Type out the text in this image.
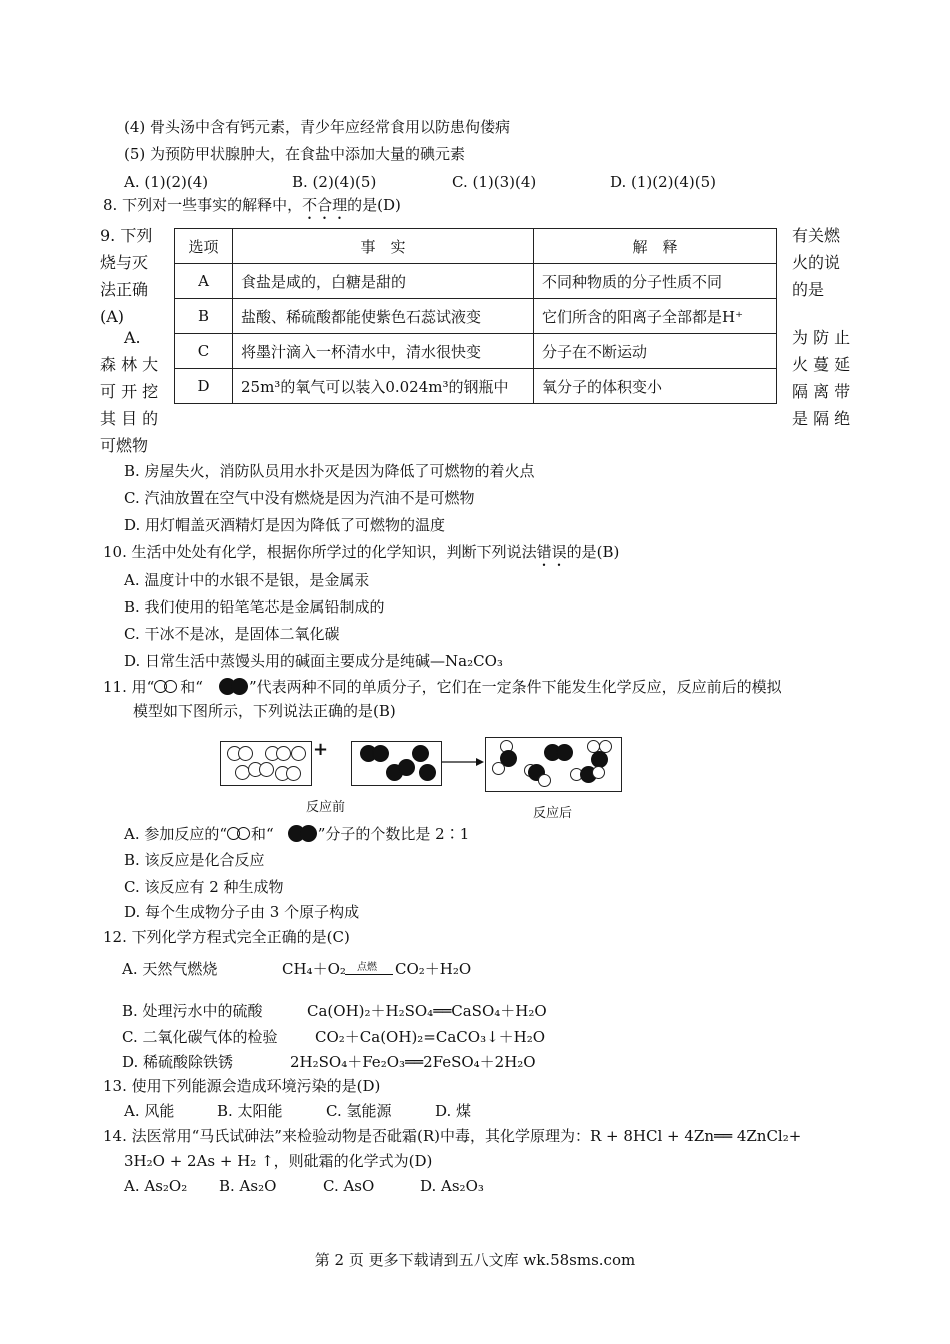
(4) 骨头汤中含有钙元素，青少年应经常食用以防患佝偻病
(5) 为预防甲状腺肿大，在食盐中添加大量的碘元素
A. (1)(2)(4)	B. (2)(4)(5)	C. (1)(3)(4)	D. (1)(2)(4)(5)
8. 下列对一些事实的解释中，不合理的是(D)
选项	事　实	解　释
A	食盐是咸的，白糖是甜的	不同种物质的分子性质不同
B	盐酸、稀硫酸都能使紫色石蕊试液变	它们所含的阳离子全部都是H⁺
C	将墨汁滴入一杯清水中，清水很快变	分子在不断运动
D	25m³的氧气可以装入0.024m³的钢瓶中	氧分子的体积变小
9. 下列
烧与灭
法正确
(A)
有关燃
火的说
的是
A.
森 林 大
可 开 挖
其 目 的
可燃物
为 防 止
火 蔓 延
隔 离 带
是 隔 绝
B. 房屋失火，消防队员用水扑灭是因为降低了可燃物的着火点
C. 汽油放置在空气中没有燃烧是因为汽油不是可燃物
D. 用灯帽盖灭酒精灯是因为降低了可燃物的温度
10. 生活中处处有化学，根据你所学过的化学知识，判断下列说法错误的是(B)
A. 温度计中的水银不是银，是金属汞
B. 我们使用的铅笔笔芯是金属铅制成的
C. 干冰不是冰，是固体二氧化碳
D. 日常生活中蒸馒头用的碱面主要成分是纯碱—Na₂CO₃
11. 用“ 和“	”代表两种不同的单质分子，它们在一定条件下能发生化学反应，反应前后的模拟
模型如下图所示，下列说法正确的是(B)
+
反应前	反应后
A. 参加反应的“ 和“	”分子的个数比是 2∶1
B. 该反应是化合反应
C. 该反应有 2 种生成物
D. 每个生成物分子由 3 个原子构成
12. 下列化学方程式完全正确的是(C)
A. 天然气燃烧	CH₄＋O₂ 点燃 CO₂＋H₂O
B. 处理污水中的硫酸	Ca(OH)₂＋H₂SO₄══CaSO₄＋H₂O
C. 二氧化碳气体的检验	CO₂＋Ca(OH)₂=CaCO₃↓＋H₂O
D. 稀硫酸除铁锈	2H₂SO₄＋Fe₂O₃══2FeSO₄＋2H₂O
13. 使用下列能源会造成环境污染的是(D)
A. 风能	B. 太阳能	C. 氢能源	D. 煤
14. 法医常用“马氏试砷法”来检验动物是否砒霜(R)中毒，其化学原理为：R + 8HCl + 4Zn══ 4ZnCl₂+
3H₂O + 2As + H₂ ↑，则砒霜的化学式为(D)
A. As₂O₂ B. As₂O	C. AsO	D. As₂O₃
第 2 页 更多下载请到五八文库 wk.58sms.com
